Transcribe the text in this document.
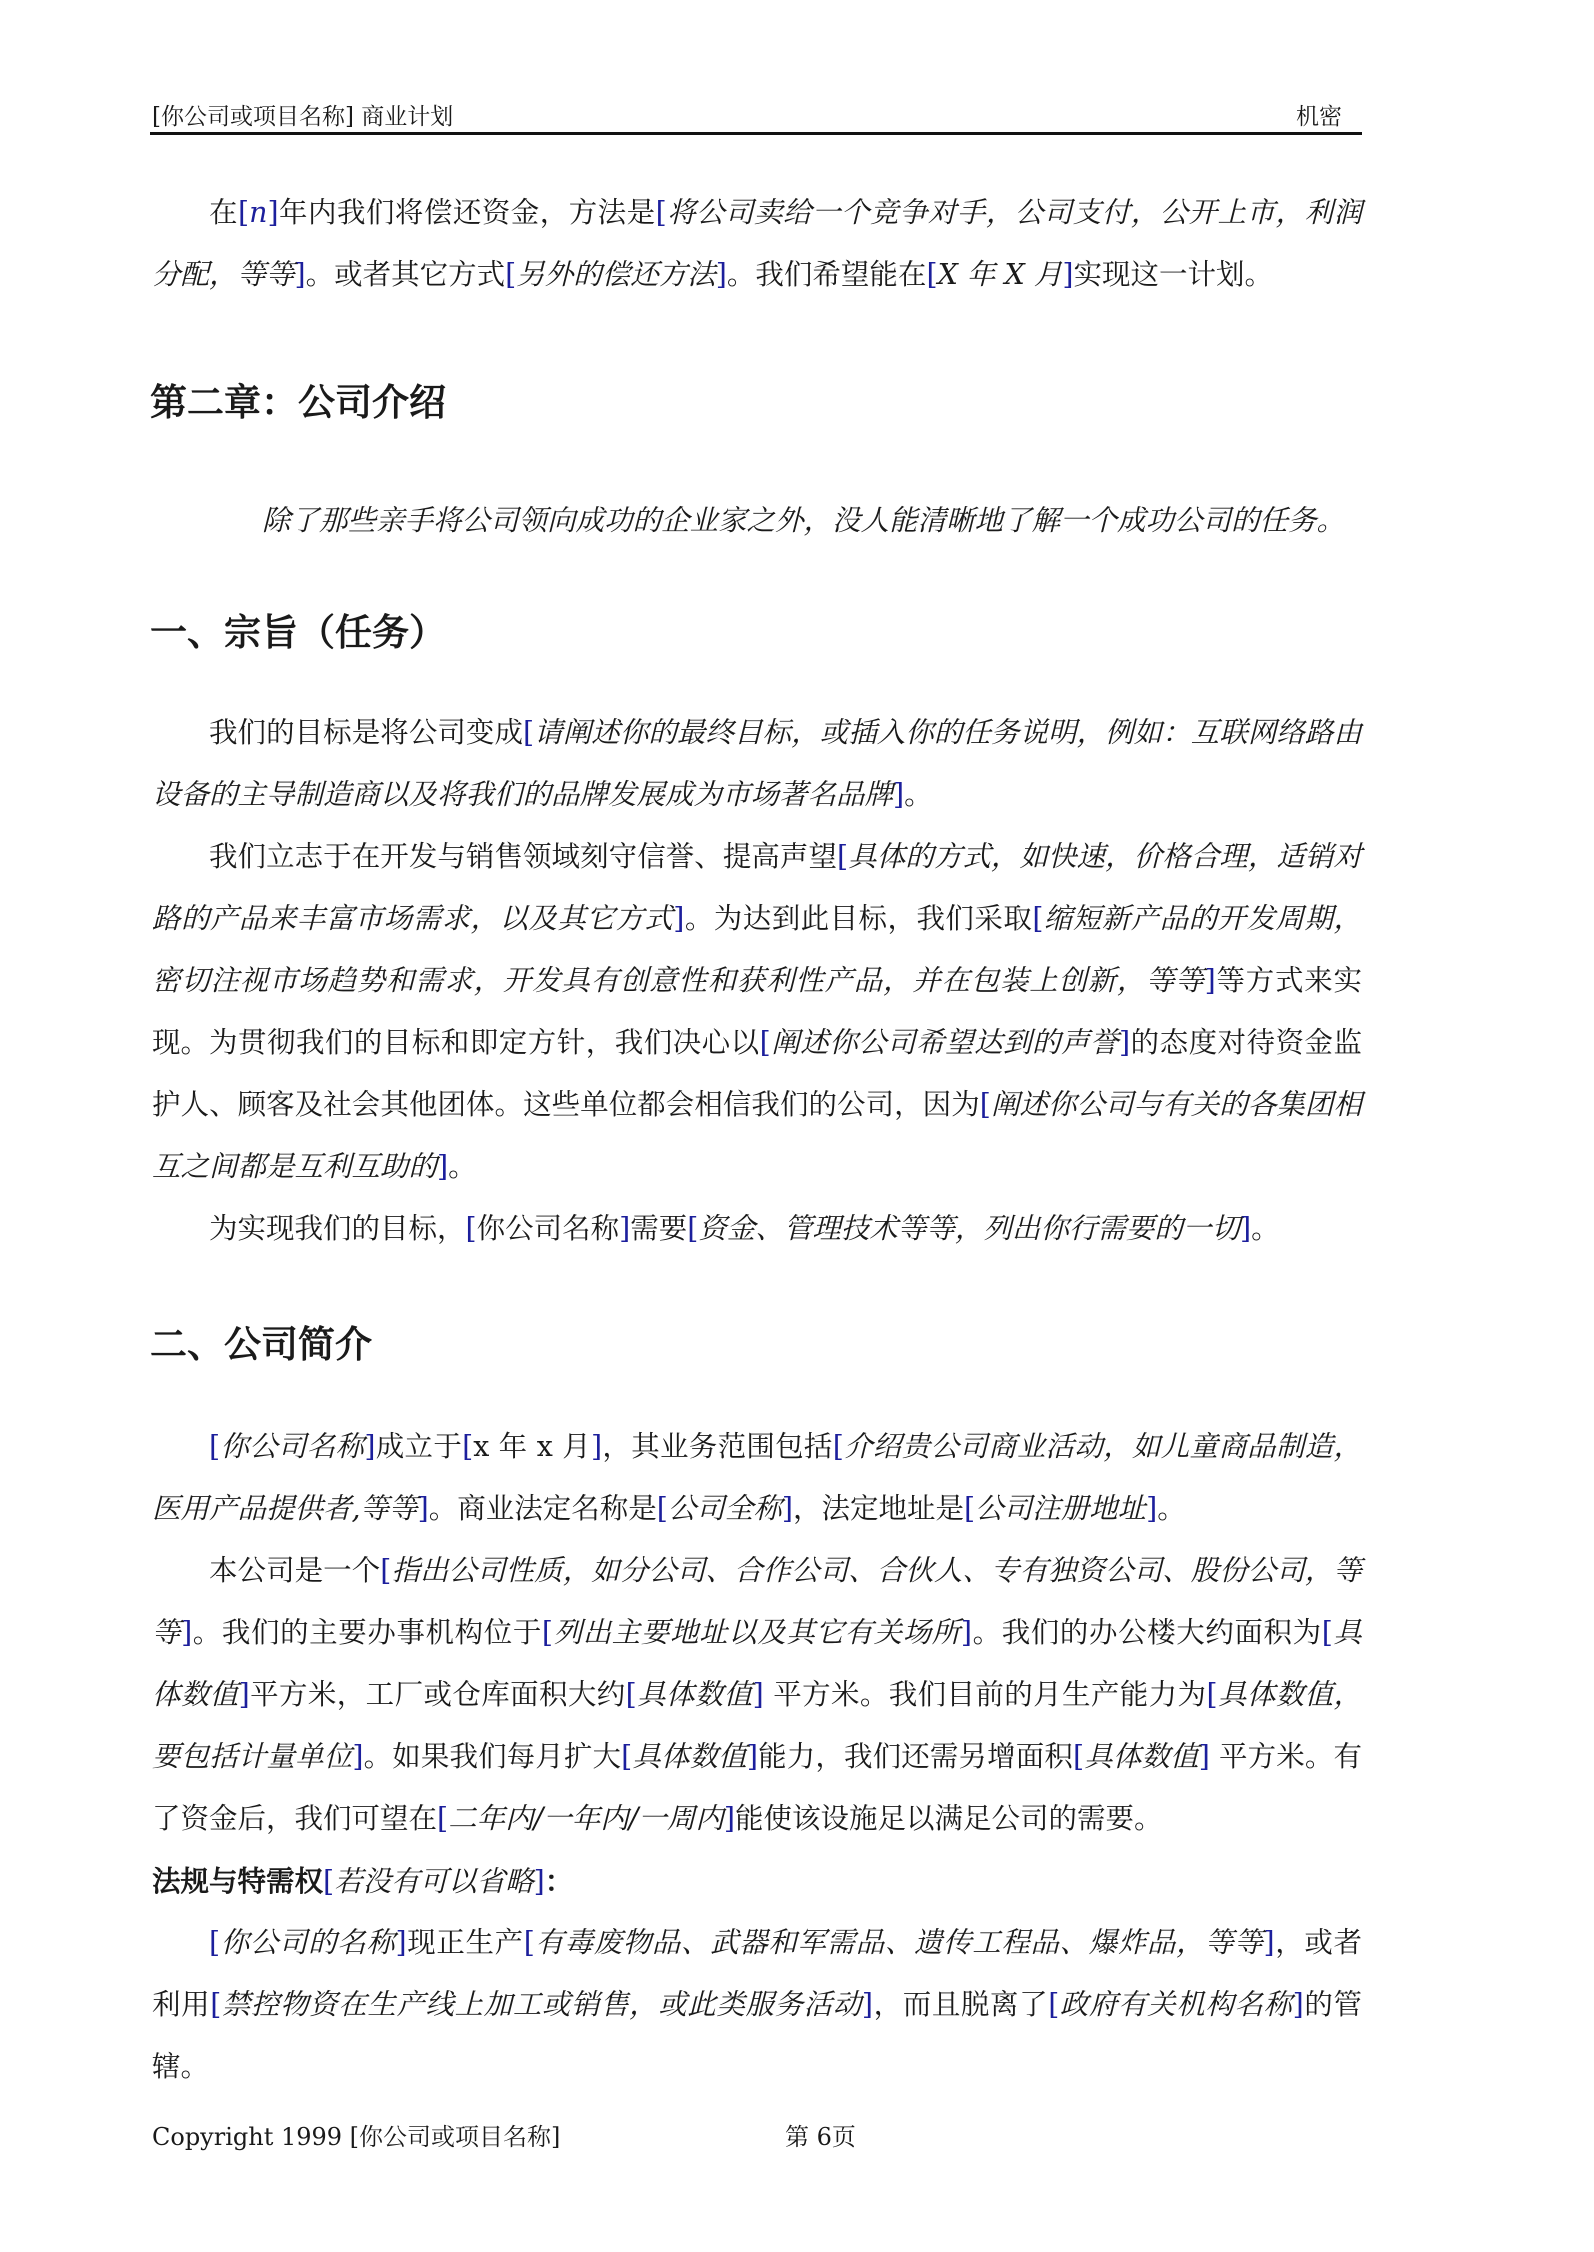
[你公司或项目名称] 商业计划	机密

在[n]年内我们将偿还资金，方法是[将公司卖给一个竞争对手，公司支付，公开上市，利润分配，等等]。或者其它方式[另外的偿还方法]。我们希望能在[X 年 X 月]实现这一计划。

第二章：公司介绍
除了那些亲手将公司领向成功的企业家之外，没人能清晰地了解一个成功公司的任务。
一、宗旨（任务）

我们的目标是将公司变成[请阐述你的最终目标，或插入你的任务说明，例如：互联网络路由设备的主导制造商以及将我们的品牌发展成为市场著名品牌]。

我们立志于在开发与销售领域刻守信誉、提高声望[具体的方式，如快速，价格合理，适销对路的产品来丰富市场需求，以及其它方式]。为达到此目标，我们采取[缩短新产品的开发周期，密切注视市场趋势和需求，开发具有创意性和获利性产品，并在包装上创新，等等]等方式来实现。 为贯彻我们的目标和即定方针，我们决心以[阐述你公司希望达到的声誉]的态度对待资金监护人、顾客及社会其他团体。这些单位都会相信我们的公司，因为[阐述你公司与有关的各集团相互之间都是互利互助的]。

为实现我们的目标，[你公司名称]需要[资金、管理技术等等，列出你行需要的一切]。

二、公司简介

[你公司名称]成立于[x 年 x 月]，其业务范围包括[介绍贵公司商业活动，如儿童商品制造，医用产品提供者,等等]。商业法定名称是[公司全称]，法定地址是[公司注册地址]。

本公司是一个[指出公司性质，如分公司、合作公司、合伙人、专有独资公司、股份公司，等等]。我们的主要办事机构位于[列出主要地址以及其它有关场所]。我们的办公楼大约面积为[具体数值]平方米，工厂或仓库面积大约[具体数值] 平方米。我们目前的月生产能力为[具体数值，要包括计量单位]。如果我们每月扩大[具体数值]能力，我们还需另增面积[具体数值] 平方米。有了资金后，我们可望在[二年内/一年内/一周内]能使该设施足以满足公司的需要。

法规与特需权[若没有可以省略]：

[你公司的名称]现正生产[有毒废物品、武器和军需品、遗传工程品、爆炸品，等等]，或者利用[禁控物资在生产线上加工或销售，或此类服务活动]，而且脱离了[政府有关机构名称]的管辖。

Copyright 1999 [你公司或项目名称]	第 6页
